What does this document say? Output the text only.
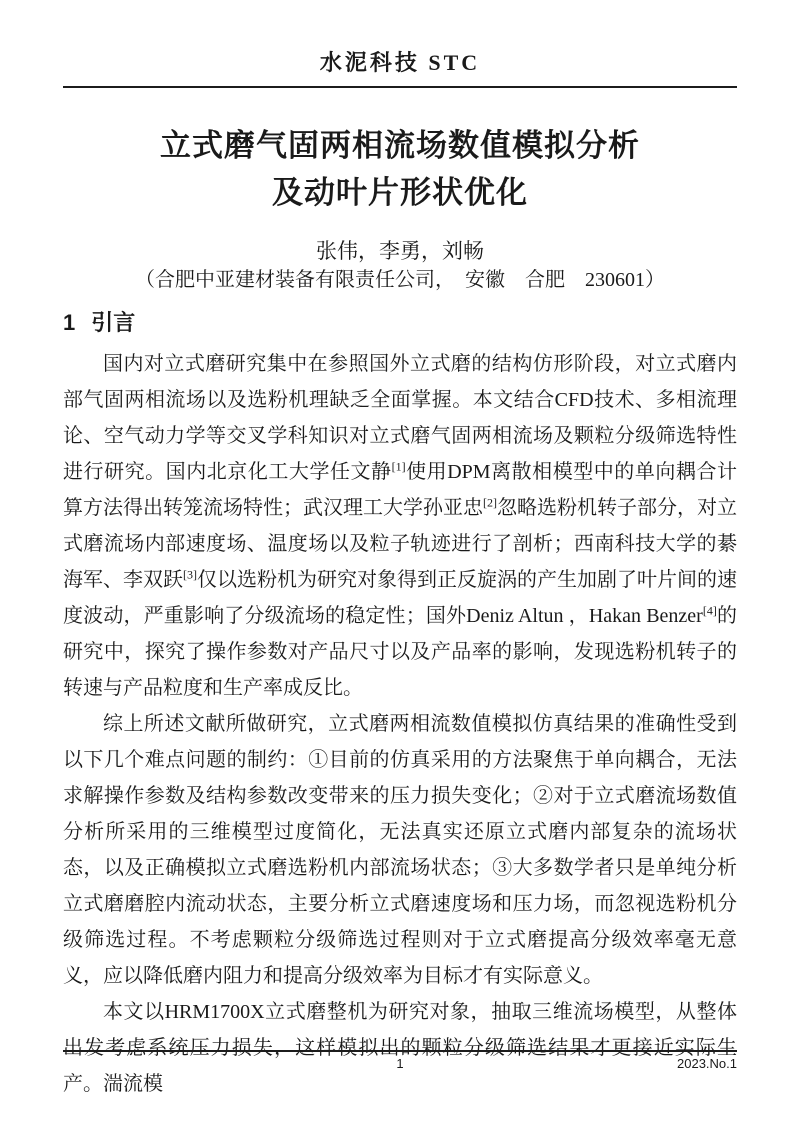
水泥科技 STC
立式磨气固两相流场数值模拟分析
及动叶片形状优化
张伟，李勇，刘畅
（合肥中亚建材装备有限责任公司，　安徽　合肥　230601）
1 引言

国内对立式磨研究集中在参照国外立式磨的结构仿形阶段，对立式磨内部气固两相流场以及选粉机理缺乏全面掌握。本文结合CFD技术、多相流理论、空气动力学等交叉学科知识对立式磨气固两相流场及颗粒分级筛选特性进行研究。国内北京化工大学任文静[1]使用DPM离散相模型中的单向耦合计算方法得出转笼流场特性；武汉理工大学孙亚忠[2]忽略选粉机转子部分，对立式磨流场内部速度场、温度场以及粒子轨迹进行了剖析；西南科技大学的綦海军、李双跃[3]仅以选粉机为研究对象得到正反旋涡的产生加剧了叶片间的速度波动，严重影响了分级流场的稳定性；国外Deniz Altun ，Hakan Benzer[4]的研究中，探究了操作参数对产品尺寸以及产品率的影响，发现选粉机转子的转速与产品粒度和生产率成反比。

综上所述文献所做研究，立式磨两相流数值模拟仿真结果的准确性受到以下几个难点问题的制约：①目前的仿真采用的方法聚焦于单向耦合，无法求解操作参数及结构参数改变带来的压力损失变化；②对于立式磨流场数值分析所采用的三维模型过度简化，无法真实还原立式磨内部复杂的流场状态，以及正确模拟立式磨选粉机内部流场状态；③大多数学者只是单纯分析立式磨磨腔内流动状态，主要分析立式磨速度场和压力场，而忽视选粉机分级筛选过程。不考虑颗粒分级筛选过程则对于立式磨提高分级效率毫无意义，应以降低磨内阻力和提高分级效率为目标才有实际意义。

本文以HRM1700X立式磨整机为研究对象，抽取三维流场模型，从整体出发考虑系统压力损失，这样模拟出的颗粒分级筛选结果才更接近实际生产。湍流模

1	2023.No.1
